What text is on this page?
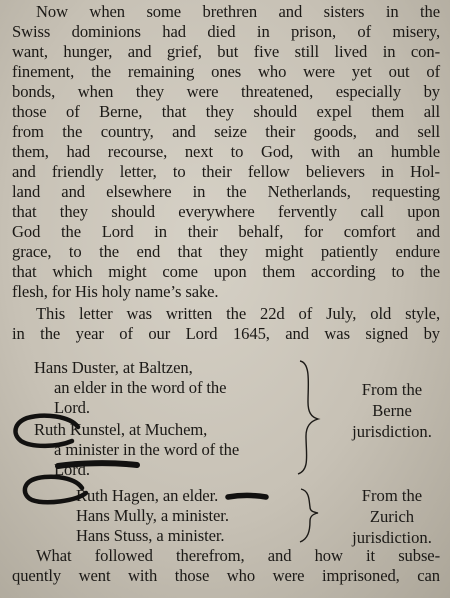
Now when some brethren and sisters in the
Swiss dominions had died in prison, of misery,
want, hunger, and grief, but five still lived in con-
finement, the remaining ones who were yet out of
bonds, when they were threatened, especially by
those of Berne, that they should expel them all
from the country, and seize their goods, and sell
them, had recourse, next to God, with an humble
and friendly letter, to their fellow believers in Hol-
land and elsewhere in the Netherlands, requesting
that they should everywhere fervently call upon
God the Lord in their behalf, for comfort and
grace, to the end that they might patiently endure
that which might come upon them according to the
flesh, for His holy name’s sake.
This letter was written the 22d of July, old style,
in the year of our Lord 1645, and was signed by
Hans Duster, at Baltzen,
an elder in the word of the
Lord.
Ruth Kunstel, at Muchem,
a minister in the word of the
Lord.
From the
Berne
jurisdiction.
Ruth Hagen, an elder.
Hans Mully, a minister.
Hans Stuss, a minister.
From the
Zurich
jurisdiction.
What followed therefrom, and how it subse-
quently went with those who were imprisoned, can
